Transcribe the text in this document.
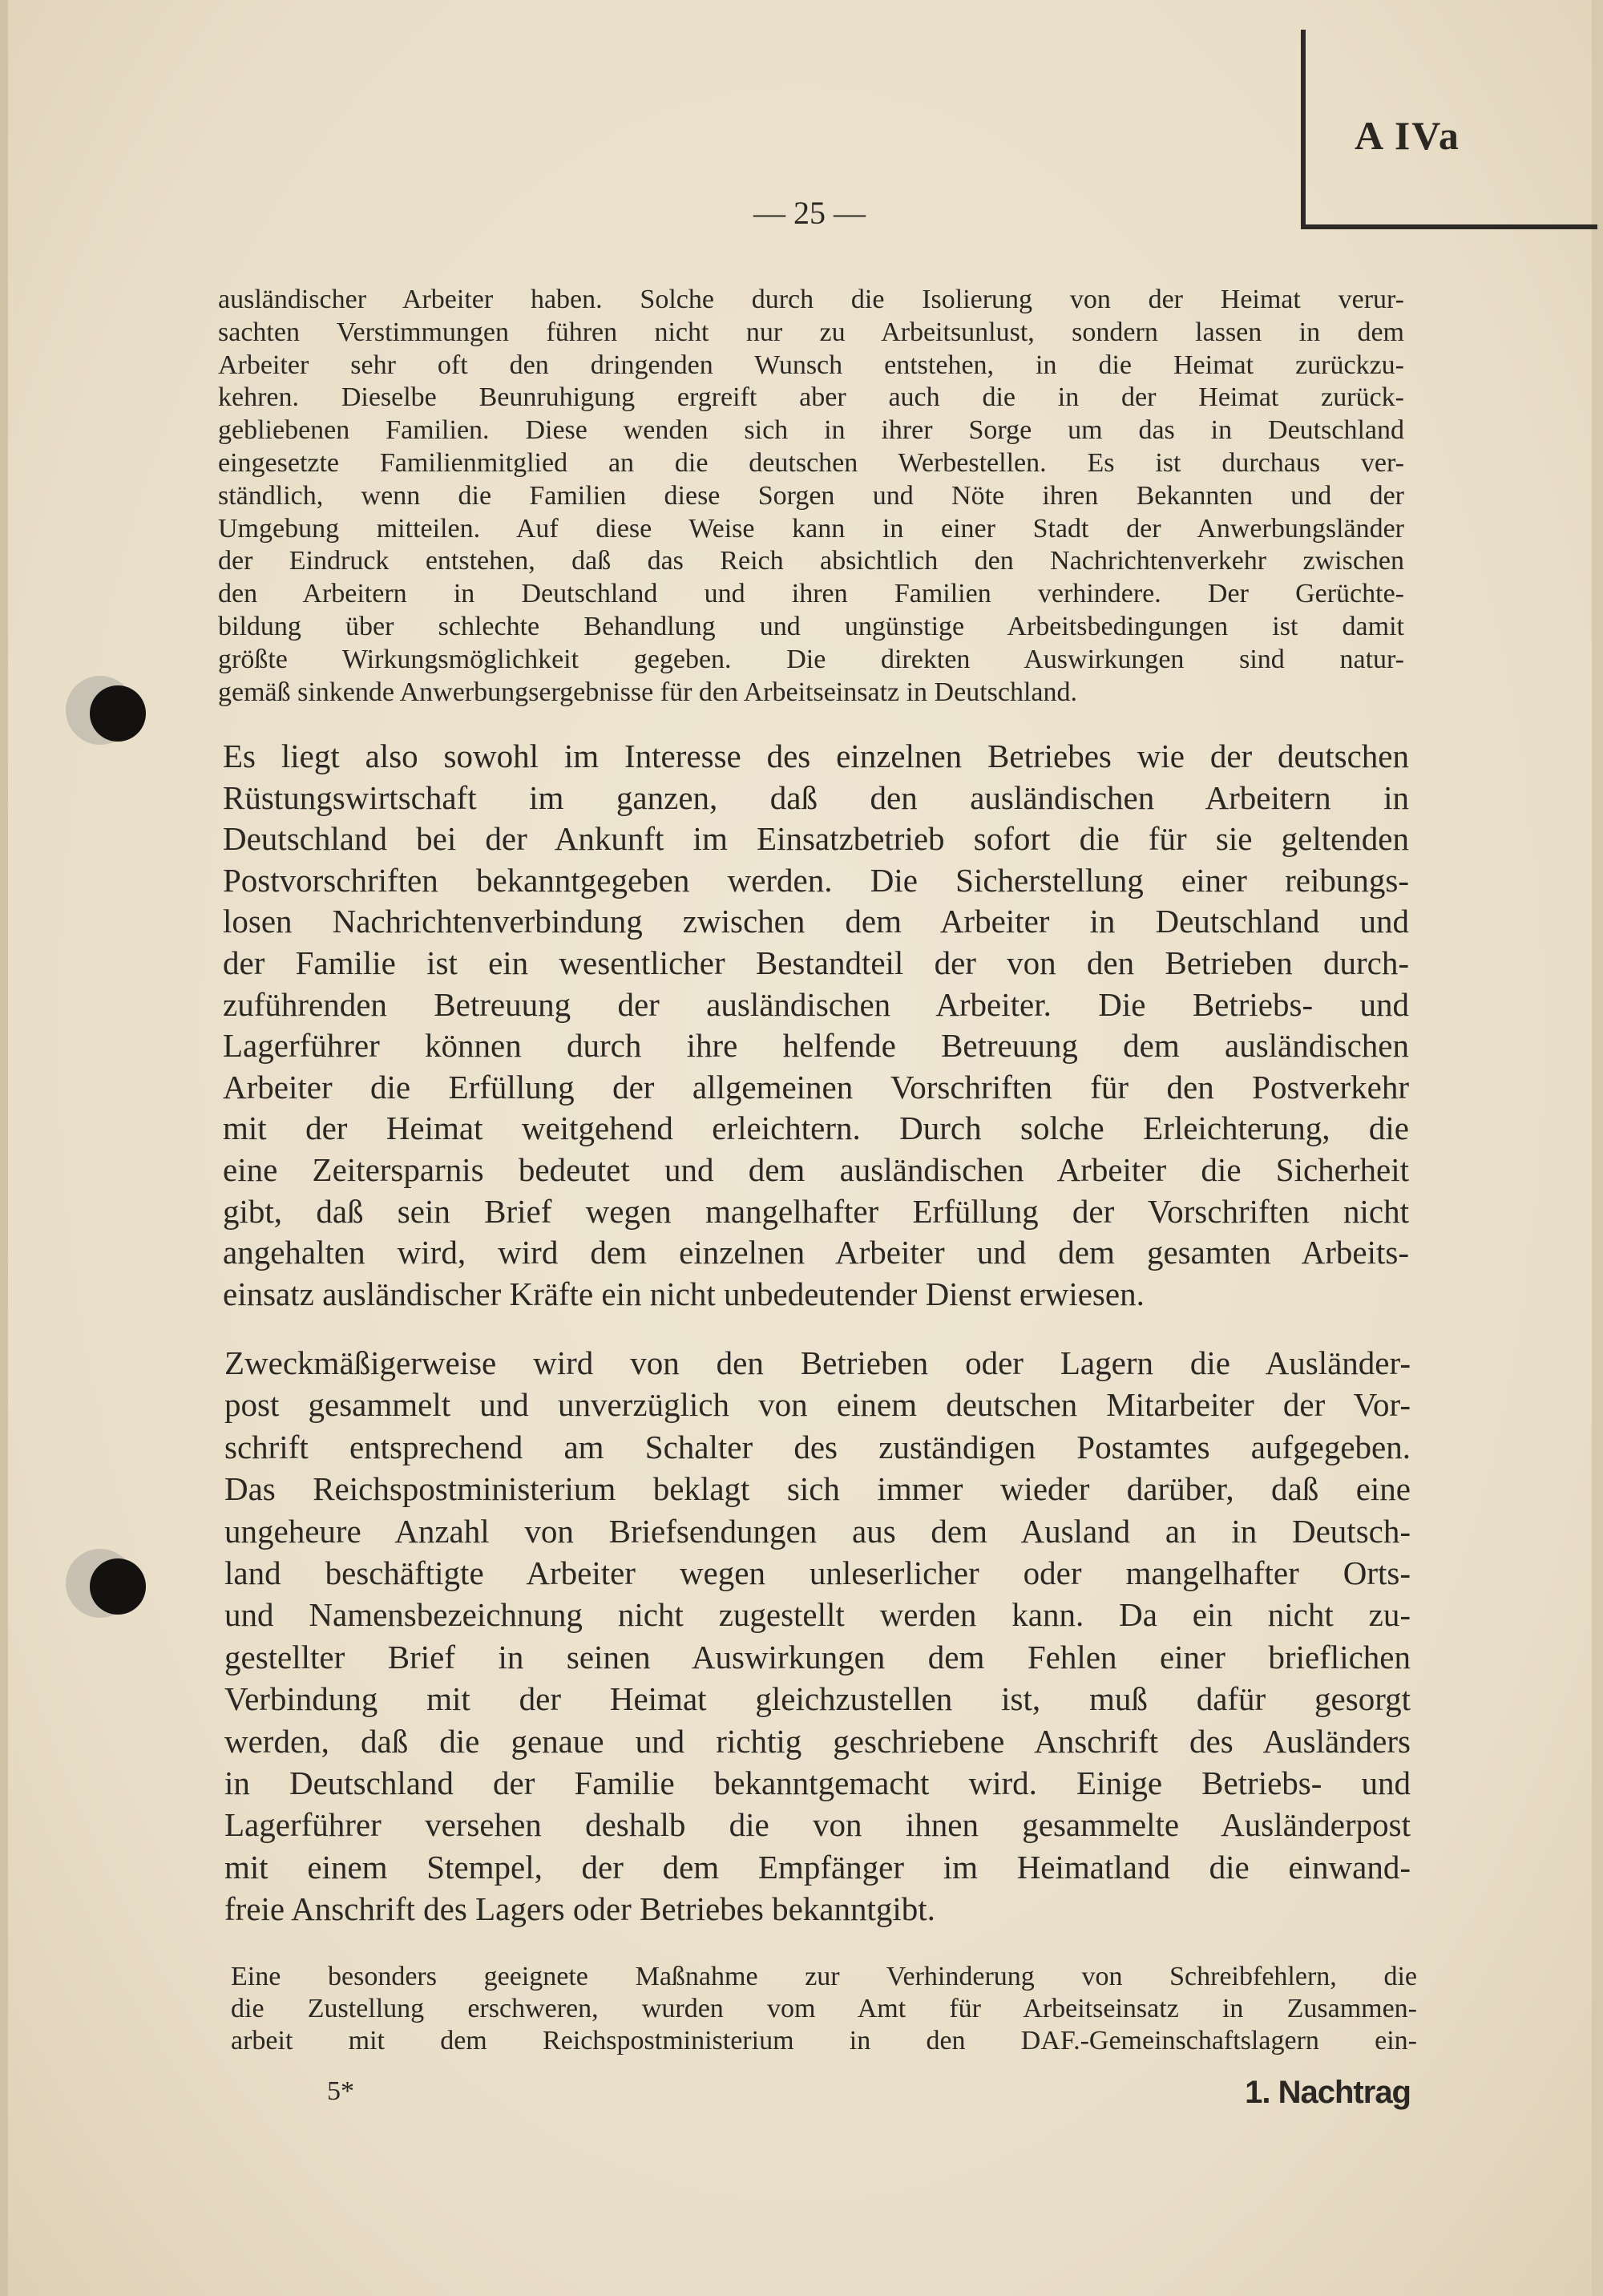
A IVa
— 25 —
ausländischer Arbeiter haben. Solche durch die Isolierung von der Heimat verur-
sachten Verstimmungen führen nicht nur zu Arbeitsunlust, sondern lassen in dem
Arbeiter sehr oft den dringenden Wunsch entstehen, in die Heimat zurückzu-
kehren. Dieselbe Beunruhigung ergreift aber auch die in der Heimat zurück-
gebliebenen Familien. Diese wenden sich in ihrer Sorge um das in Deutschland
eingesetzte Familienmitglied an die deutschen Werbestellen. Es ist durchaus ver-
ständlich, wenn die Familien diese Sorgen und Nöte ihren Bekannten und der
Umgebung mitteilen. Auf diese Weise kann in einer Stadt der Anwerbungsländer
der Eindruck entstehen, daß das Reich absichtlich den Nachrichtenverkehr zwischen
den Arbeitern in Deutschland und ihren Familien verhindere. Der Gerüchte-
bildung über schlechte Behandlung und ungünstige Arbeitsbedingungen ist damit
größte Wirkungsmöglichkeit gegeben. Die direkten Auswirkungen sind natur-
gemäß sinkende Anwerbungsergebnisse für den Arbeitseinsatz in Deutschland.
Es liegt also sowohl im Interesse des einzelnen Betriebes wie der deutschen
Rüstungswirtschaft im ganzen, daß den ausländischen Arbeitern in
Deutschland bei der Ankunft im Einsatzbetrieb sofort die für sie geltenden
Postvorschriften bekanntgegeben werden. Die Sicherstellung einer reibungs-
losen Nachrichtenverbindung zwischen dem Arbeiter in Deutschland und
der Familie ist ein wesentlicher Bestandteil der von den Betrieben durch-
zuführenden Betreuung der ausländischen Arbeiter. Die Betriebs- und
Lagerführer können durch ihre helfende Betreuung dem ausländischen
Arbeiter die Erfüllung der allgemeinen Vorschriften für den Postverkehr
mit der Heimat weitgehend erleichtern. Durch solche Erleichterung, die
eine Zeitersparnis bedeutet und dem ausländischen Arbeiter die Sicherheit
gibt, daß sein Brief wegen mangelhafter Erfüllung der Vorschriften nicht
angehalten wird, wird dem einzelnen Arbeiter und dem gesamten Arbeits-
einsatz ausländischer Kräfte ein nicht unbedeutender Dienst erwiesen.
Zweckmäßigerweise wird von den Betrieben oder Lagern die Ausländer-
post gesammelt und unverzüglich von einem deutschen Mitarbeiter der Vor-
schrift entsprechend am Schalter des zuständigen Postamtes aufgegeben.
Das Reichspostministerium beklagt sich immer wieder darüber, daß eine
ungeheure Anzahl von Briefsendungen aus dem Ausland an in Deutsch-
land beschäftigte Arbeiter wegen unleserlicher oder mangelhafter Orts-
und Namensbezeichnung nicht zugestellt werden kann. Da ein nicht zu-
gestellter Brief in seinen Auswirkungen dem Fehlen einer brieflichen
Verbindung mit der Heimat gleichzustellen ist, muß dafür gesorgt
werden, daß die genaue und richtig geschriebene Anschrift des Ausländers
in Deutschland der Familie bekanntgemacht wird. Einige Betriebs- und
Lagerführer versehen deshalb die von ihnen gesammelte Ausländerpost
mit einem Stempel, der dem Empfänger im Heimatland die einwand-
freie Anschrift des Lagers oder Betriebes bekanntgibt.
Eine besonders geeignete Maßnahme zur Verhinderung von Schreibfehlern, die
die Zustellung erschweren, wurden vom Amt für Arbeitseinsatz in Zusammen-
arbeit mit dem Reichspostministerium in den DAF.-Gemeinschaftslagern ein-
5*	1. Nachtrag
